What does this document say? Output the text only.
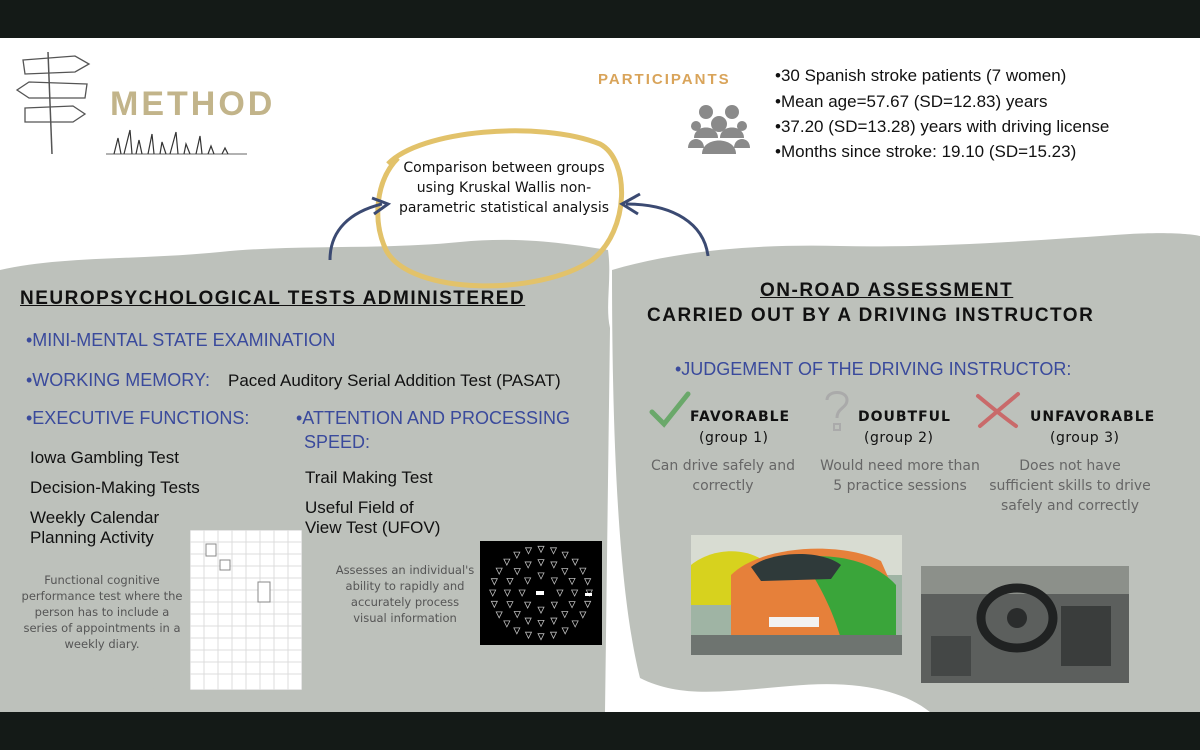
METHOD
PARTICIPANTS	•30 Spanish stroke patients (7 women)
•Mean age=57.67 (SD=12.83) years
•37.20 (SD=13.28) years with driving license
•Months since stroke: 19.10 (SD=15.23)
Comparison between groups using Kruskal Wallis non-parametric statistical analysis
NEUROPSYCHOLOGICAL TESTS ADMINISTERED
•MINI-MENTAL STATE EXAMINATION
•WORKING MEMORY: Paced Auditory Serial Addition Test (PASAT)
•EXECUTIVE FUNCTIONS:
Iowa Gambling Test
Decision-Making Tests
Weekly Calendar
Planning Activity
Functional cognitive performance test where the person has to include a series of appointments in a weekly diary.
•ATTENTION AND PROCESSING
SPEED:
Trail Making Test
Useful Field of
View Test (UFOV)
Assesses an individual's ability to rapidly and accurately process visual information
ON-ROAD ASSESSMENT
CARRIED OUT BY A DRIVING INSTRUCTOR
•JUDGEMENT OF THE DRIVING INSTRUCTOR:
FAVORABLE
(group 1)
Can drive safely and correctly
DOUBTFUL
(group 2)
Would need more than 5 practice sessions
UNFAVORABLE
(group 3)
Does not have sufficient skills to drive safely and correctly
